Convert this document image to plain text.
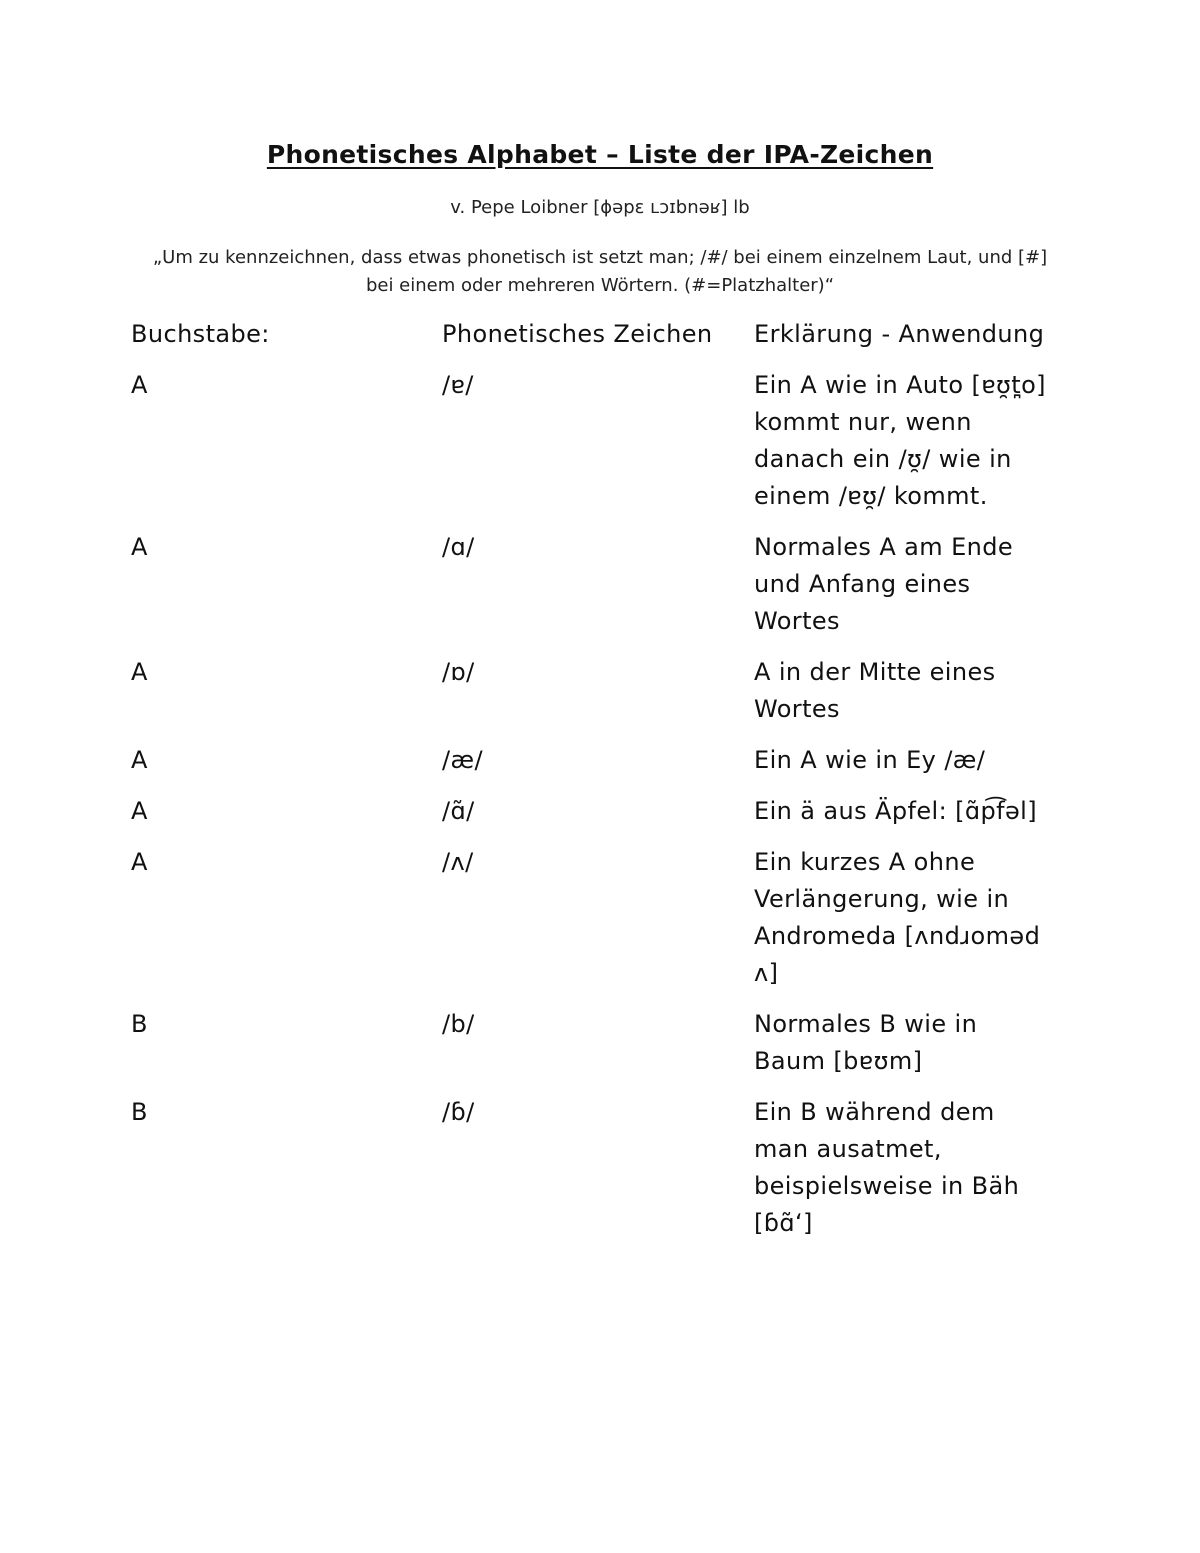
Phonetisches Alphabet – Liste der IPA-Zeichen
v. Pepe Loibner [ɸəpɛ ʟɔɪbnəʁ] lb
„Um zu kennzeichnen, dass etwas phonetisch ist setzt man; /#/ bei einem einzelnem Laut, und [#] bei einem oder mehreren Wörtern. (#=Platzhalter)“
Buchstabe:	Phonetisches Zeichen	Erklärung - Anwendung
A	/ɐ/	Ein A wie in Auto [ɐʊ̯t̪o] kommt nur, wenn danach ein /ʊ̯/ wie in einem /ɐʊ̯/ kommt.
A	/ɑ/	Normales A am Ende und Anfang eines Wortes
A	/ɒ/	A in der Mitte eines Wortes
A	/æ/	Ein A wie in Ey /æ/
A	/ɑ̃/	Ein ä aus Äpfel: [ɑ̃p͡fəl]
A	/ʌ/	Ein kurzes A ohne Verlängerung, wie in Andromeda [ʌndɹoməd ʌ]
B	/b/	Normales B wie in Baum [bɐʊm]
B	/ɓ/	Ein B während dem man ausatmet, beispielsweise in Bäh [ɓɑ̃ʻ]
